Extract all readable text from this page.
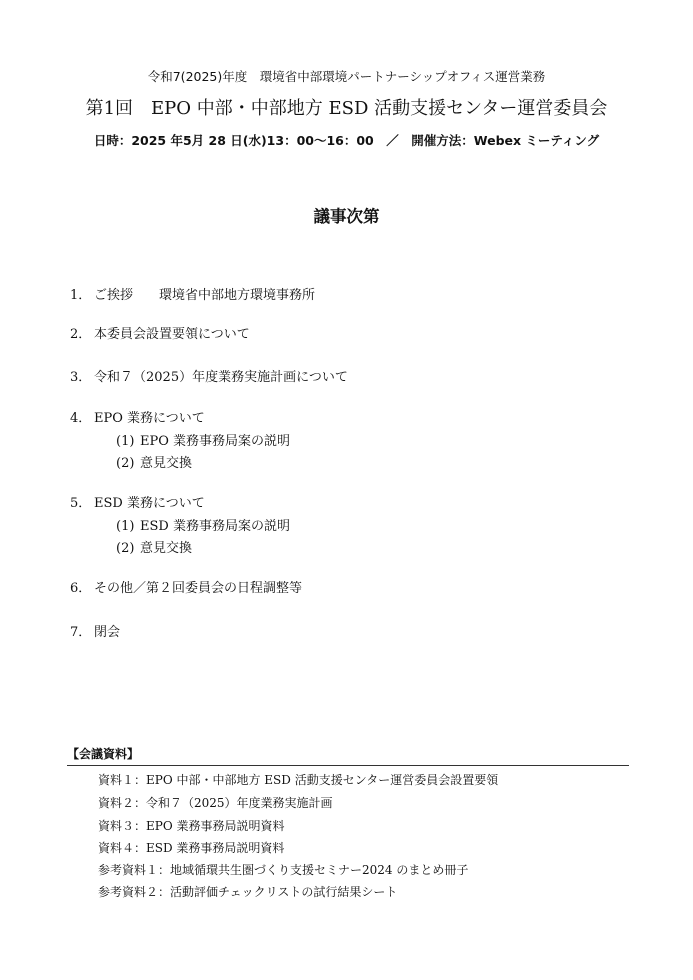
令和7(2025)年度　環境省中部環境パートナーシップオフィス運営業務
第1回　EPO 中部・中部地方 ESD 活動支援センター運営委員会
日時：2025 年5月 28 日(水)13：00～16：00　／　開催方法：Webex ミーティング
議事次第
1． ご挨拶 環境省中部地方環境事務所
2． 本委員会設置要領について
3． 令和７（2025）年度業務実施計画について
4． EPO 業務について
(1) EPO 業務事務局案の説明
(2) 意見交換
5． ESD 業務について
(1) ESD 業務事務局案の説明
(2) 意見交換
6． その他／第２回委員会の日程調整等
7． 閉会
【会議資料】
資料１：EPO 中部・中部地方 ESD 活動支援センター運営委員会設置要領
資料２：令和７（2025）年度業務実施計画
資料３：EPO 業務事務局説明資料
資料４：ESD 業務事務局説明資料
参考資料１：地域循環共生圏づくり支援セミナー2024 のまとめ冊子
参考資料２：活動評価チェックリストの試行結果シート
